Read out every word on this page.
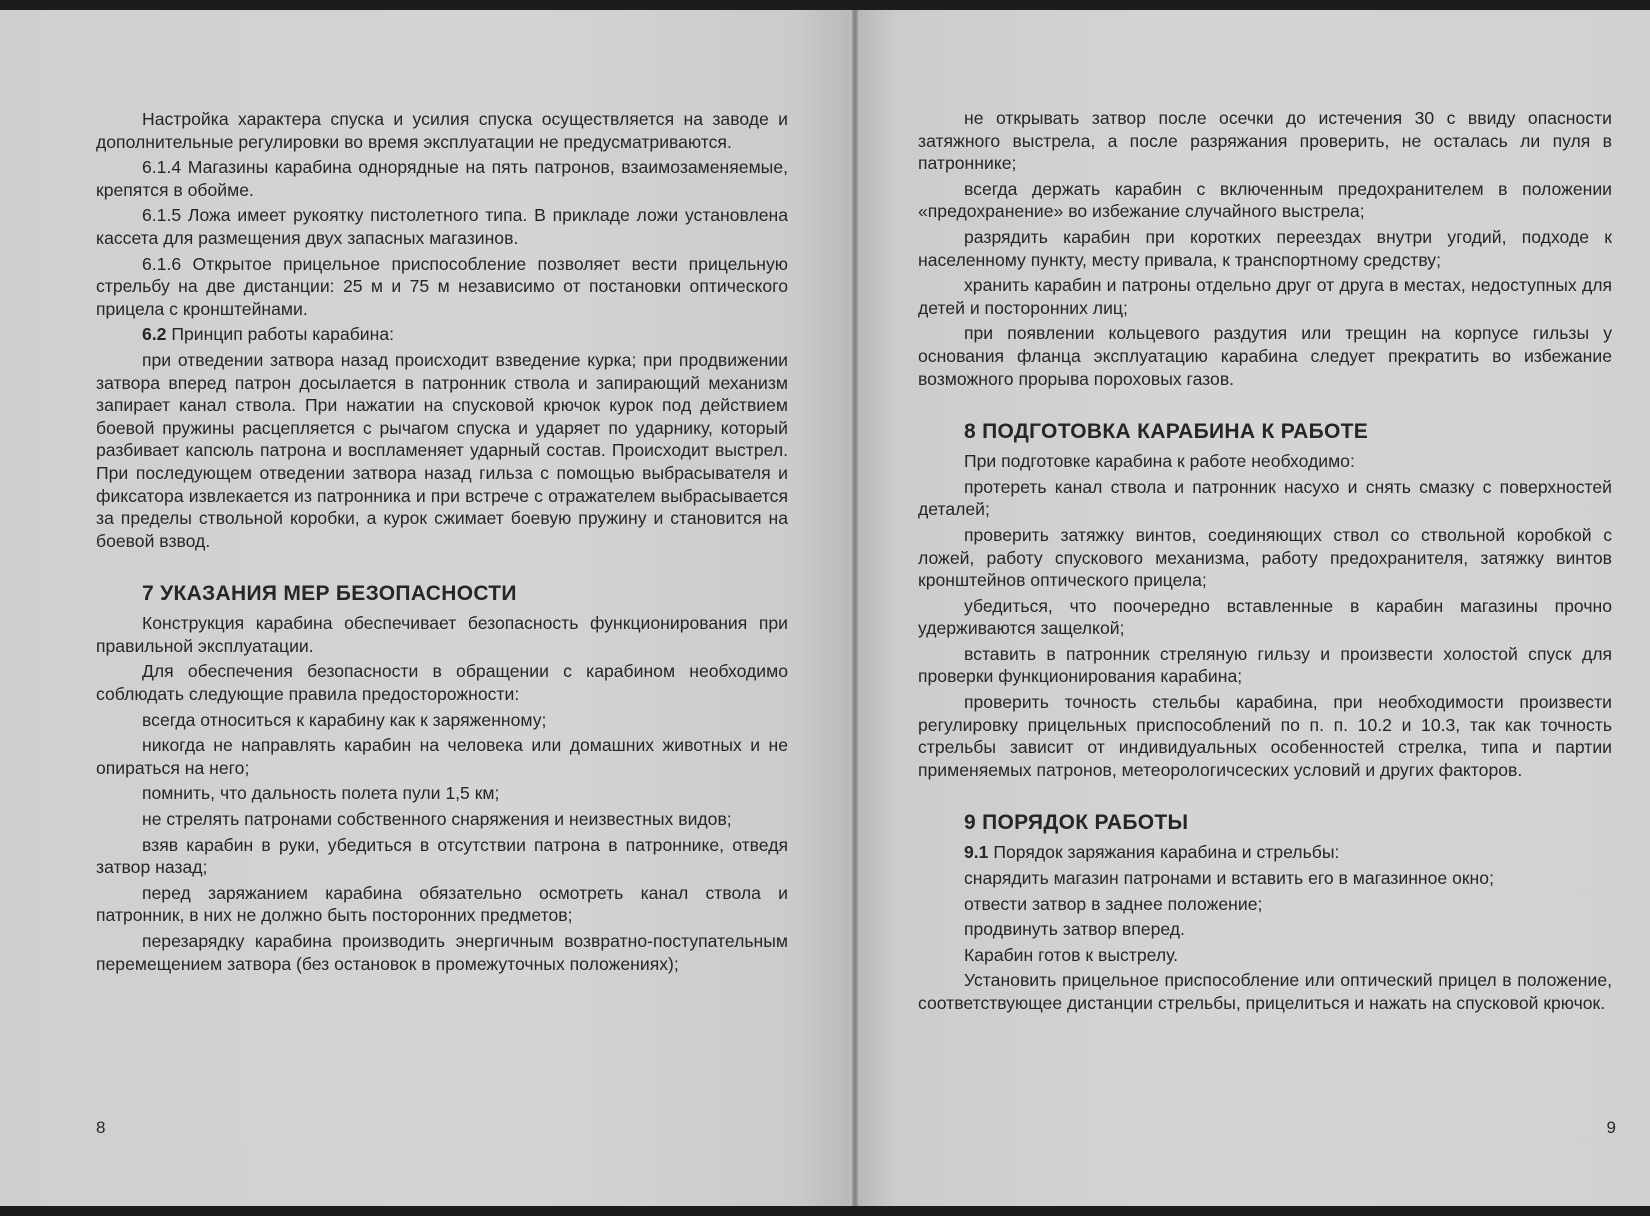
Настройка характера спуска и усилия спуска осуществляется на заводе и дополнительные регулировки во время эксплуатации не предусматриваются.

6.1.4 Магазины карабина однорядные на пять патронов, взаимозаменяемые, крепятся в обойме.

6.1.5 Ложа имеет рукоятку пистолетного типа. В прикладе ложи установлена кассета для размещения двух запасных магазинов.

6.1.6 Открытое прицельное приспособление позволяет вести прицельную стрельбу на две дистанции: 25 м и 75 м независимо от постановки оптического прицела с кронштейнами.

6.2 Принцип работы карабина:

при отведении затвора назад происходит взведение курка; при продвижении затвора вперед патрон досылается в патронник ствола и запирающий механизм запирает канал ствола. При нажатии на спусковой крючок курок под действием боевой пружины расцепляется с рычагом спуска и ударяет по ударнику, который разбивает капсюль патрона и воспламеняет ударный состав. Происходит выстрел. При последующем отведении затвора назад гильза с помощью выбрасывателя и фиксатора извлекается из патронника и при встрече с отражателем выбрасывается за пределы ствольной коробки, а курок сжимает боевую пружину и становится на боевой взвод.

7 УКАЗАНИЯ МЕР БЕЗОПАСНОСТИ

Конструкция карабина обеспечивает безопасность функционирования при правильной эксплуатации.

Для обеспечения безопасности в обращении с карабином необходимо соблюдать следующие правила предосторожности:

всегда относиться к карабину как к заряженному;

никогда не направлять карабин на человека или домашних животных и не опираться на него;

помнить, что дальность полета пули 1,5 км;

не стрелять патронами собственного снаряжения и неизвестных видов;

взяв карабин в руки, убедиться в отсутствии патрона в патроннике, отведя затвор назад;

перед заряжанием карабина обязательно осмотреть канал ствола и патронник, в них не должно быть посторонних предметов;

перезарядку карабина производить энергичным возвратно-поступательным перемещением затвора (без остановок в промежуточных положениях);

8

не открывать затвор после осечки до истечения 30 с ввиду опасности затяжного выстрела, а после разряжания проверить, не осталась ли пуля в патроннике;

всегда держать карабин с включенным предохранителем в положении «предохранение» во избежание случайного выстрела;

разрядить карабин при коротких переездах внутри угодий, подходе к населенному пункту, месту привала, к транспортному средству;

хранить карабин и патроны отдельно друг от друга в местах, недоступных для детей и посторонних лиц;

при появлении кольцевого раздутия или трещин на корпусе гильзы у основания фланца эксплуатацию карабина следует прекратить во избежание возможного прорыва пороховых газов.

8 ПОДГОТОВКА КАРАБИНА К РАБОТЕ

При подготовке карабина к работе необходимо:

протереть канал ствола и патронник насухо и снять смазку с поверхностей деталей;

проверить затяжку винтов, соединяющих ствол со ствольной коробкой с ложей, работу спускового механизма, работу предохранителя, затяжку винтов кронштейнов оптического прицела;

убедиться, что поочередно вставленные в карабин магазины прочно удерживаются защелкой;

вставить в патронник стреляную гильзу и произвести холостой спуск для проверки функционирования карабина;

проверить точность стельбы карабина, при необходимости произвести регулировку прицельных приспособлений по п. п. 10.2 и 10.3, так как точность стрельбы зависит от индивидуальных особенностей стрелка, типа и партии применяемых патронов, метеорологичсеских условий и других факторов.

9 ПОРЯДОК РАБОТЫ

9.1 Порядок заряжания карабина и стрельбы:

снарядить магазин патронами и вставить его в магазинное окно;

отвести затвор в заднее положение;

продвинуть затвор вперед.

Карабин готов к выстрелу.

Установить прицельное приспособление или оптический прицел в положение, соответствующее дистанции стрельбы, прицелиться и нажать на спусковой крючок.

9
